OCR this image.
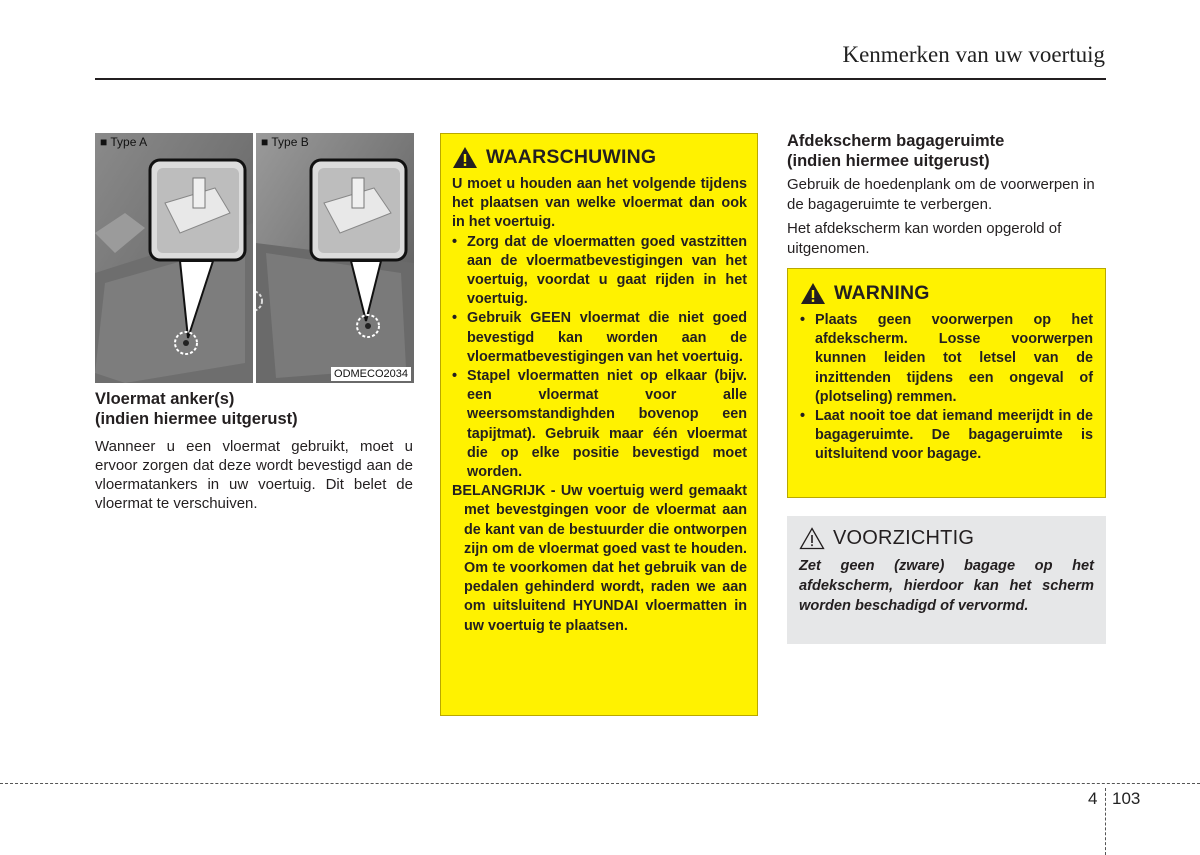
Kenmerken van uw voertuig
■ Type A	■ Type B
ODMECO2034
Vloermat anker(s)
(indien hiermee uitgerust)
Wanneer u een vloermat gebruikt, moet u ervoor zorgen dat deze wordt bevestigd aan de vloermatankers in uw voertuig. Dit belet de vloermat te verschuiven.
WAARSCHUWING
U moet u houden aan het volgende tijdens het plaatsen van welke vloermat dan ook in het voertuig.
• Zorg dat de vloermatten goed vastzitten aan de vloermatbevestigingen van het voertuig, voordat u gaat rijden in het voertuig.
• Gebruik GEEN vloermat die niet goed bevestigd kan worden aan de vloermatbevestigingen van het voertuig.
• Stapel vloermatten niet op elkaar (bijv. een vloermat voor alle weersomstandighden bovenop een tapijtmat). Gebruik maar één vloermat die op elke positie bevestigd moet worden.
BELANGRIJK - Uw voertuig werd gemaakt met bevestgingen voor de vloermat aan de kant van de bestuurder die ontworpen zijn om de vloermat goed vast te houden. Om te voorkomen dat het gebruik van de pedalen gehinderd wordt, raden we aan om uitsluitend HYUNDAI vloermatten in uw voertuig te plaatsen.
Afdekscherm bagageruimte
(indien hiermee uitgerust)
Gebruik de hoedenplank om de voorwerpen in de bagageruimte te verbergen.
Het afdekscherm kan worden opgerold of uitgenomen.
WARNING
• Plaats geen voorwerpen op het afdekscherm. Losse voorwerpen kunnen leiden tot letsel van de inzittenden tijdens een ongeval of (plotseling) remmen.
• Laat nooit toe dat iemand meerijdt in de bagageruimte. De bagageruimte is uitsluitend voor bagage.
VOORZICHTIG
Zet geen (zware) bagage op het afdekscherm, hierdoor kan het scherm worden beschadigd of vervormd.
4 103
